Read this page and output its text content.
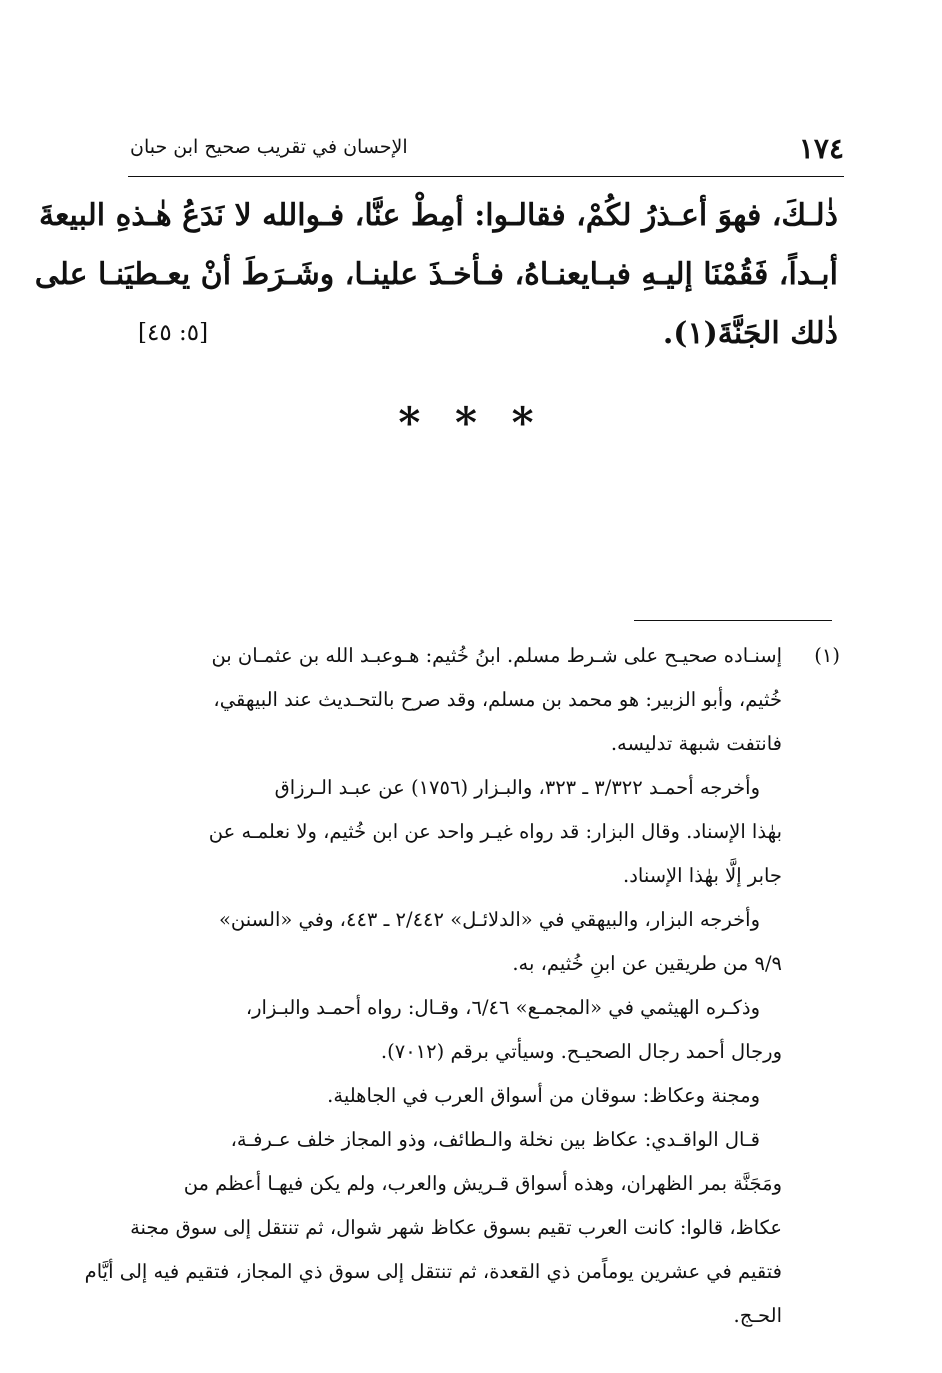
١٧٤
الإحسان في تقريب صحيح ابن حبان
ذٰلـكَ، فهوَ أعـذرُ لكُمْ، فقالـوا: أمِطْ عنَّا، فـوالله لا نَدَعُ هٰـذهِ البيعةَ
أبـداً، فَقُمْنَا إليـهِ فبـايعنـاهُ، فـأخـذَ علينـا، وشَـرَطَ أنْ يعـطيَنـا على
ذٰلك الجَنَّةَ(١).
[٥: ٤٥]
* * *
(١)
إسنـاده صحيـح على شـرط مسلم. ابنُ خُثيم: هـوعبـد الله بن عثمـان بن
خُثيم، وأبو الزبير: هو محمد بن مسلم، وقد صرح بالتحـديث عند البيهقي،
فانتفت شبهة تدليسه.
وأخرجه أحمـد ٣/٣٢٢ ـ ٣٢٣، والبـزار (١٧٥٦) عن عبـد الـرزاق
بهٰذا الإسناد. وقال البزار: قد رواه غيـر واحد عن ابن خُثيم، ولا نعلمـه عن
جابر إلَّا بهٰذا الإسناد.
وأخرجه البزار، والبيهقي في «الدلائـل» ٢/٤٤٢ ـ ٤٤٣، وفي «السنن»
٩/٩ من طريقين عن ابنِ خُثيم، به.
وذكـره الهيثمي في «المجمـع» ٦/٤٦، وقـال: رواه أحمـد والبـزار،
ورجال أحمد رجال الصحيـح. وسيأتي برقم (٧٠١٢).
ومجنة وعكاظ: سوقان من أسواق العرب في الجاهلية.
قـال الواقـدي: عكاظ بين نخلة والـطائف، وذو المجاز خلف عـرفـة،
ومَجَنَّة بمر الظهران، وهذه أسواق قـريش والعرب، ولم يكن فيهـا أعظم من
عكاظ، قالوا: كانت العرب تقيم بسوق عكاظ شهر شوال، ثم تنتقل إلى سوق مجنة
فتقيم في عشرين يوماًمن ذي القعدة، ثم تنتقل إلى سوق ذي المجاز، فتقيم فيه إلى أيَّام
الحـج.
